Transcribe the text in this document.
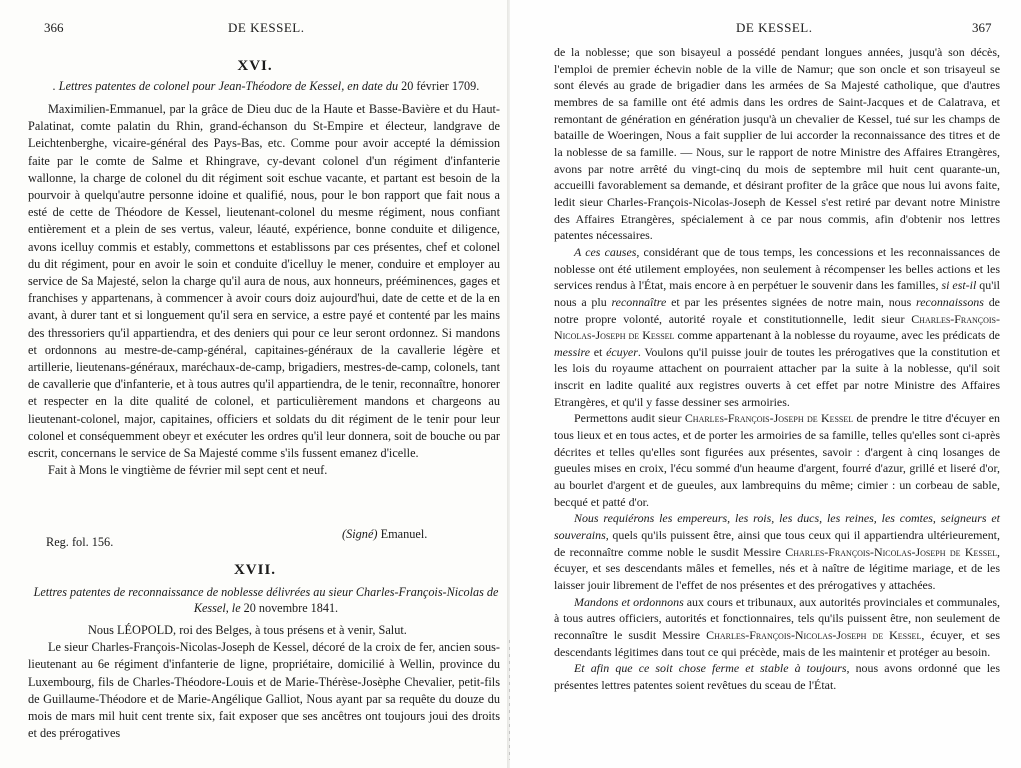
366	DE KESSEL.
XVI.
. Lettres patentes de colonel pour Jean-Théodore de Kessel, en date du 20 février 1709.

Maximilien-Emmanuel, par la grâce de Dieu duc de la Haute et Basse-Bavière et du Haut-Palatinat, comte palatin du Rhin, grand-échanson du St-Empire et électeur, landgrave de Leichtenberghe, vicaire-général des Pays-Bas, etc. Comme pour avoir accepté la démission faite par le comte de Salme et Rhingrave, cy-devant colonel d'un régiment d'infanterie wallonne, la charge de colonel du dit régiment soit eschue vacante, et partant est besoin de la pourvoir à quelqu'autre personne idoine et qualifié, nous, pour le bon rapport que fait nous a esté de cette de Théodore de Kessel, lieutenant-colonel du mesme régiment, nous confiant entièrement et a plein de ses vertus, valeur, léauté, expérience, bonne conduite et diligence, avons icelluy commis et estably, commettons et establissons par ces présentes, chef et colonel du dit régiment, pour en avoir le soin et conduite d'icelluy le mener, conduire et employer au service de Sa Majesté, selon la charge qu'il aura de nous, aux honneurs, prééminences, gages et franchises y appartenans, à commencer à avoir cours doiz aujourd'hui, date de cette et de la en avant, à durer tant et si longuement qu'il sera en service, a estre payé et contenté par les mains des thressoriers qu'il appartiendra, et des deniers qui pour ce leur seront ordonnez. Si mandons et ordonnons au mestre-de-camp-général, capitaines-généraux de la cavallerie légère et artillerie, lieutenans-généraux, maréchaux-de-camp, brigadiers, mestres-de-camp, colonels, tant de cavallerie que d'infanterie, et à tous autres qu'il appartiendra, de le tenir, reconnaître, honorer et respecter en la dite qualité de colonel, et particulièrement mandons et chargeons au lieutenant-colonel, major, capitaines, officiers et soldats du dit régiment de le tenir pour leur colonel et conséquemment obeyr et exécuter les ordres qu'il leur donnera, soit de bouche ou par escrit, concernans le service de Sa Majesté comme s'ils fussent emanez d'icelle.

Fait à Mons le vingtième de février mil sept cent et neuf.

(Signé) Emanuel.
Reg. fol. 156.
XVII.
Lettres patentes de reconnaissance de noblesse délivrées au sieur Charles-François-Nicolas de Kessel, le 20 novembre 1841.

Nous LÉOPOLD, roi des Belges, à tous présens et à venir, Salut.

Le sieur Charles-François-Nicolas-Joseph de Kessel, décoré de la croix de fer, ancien sous-lieutenant au 6e régiment d'infanterie de ligne, propriétaire, domicilié à Wellin, province du Luxembourg, fils de Charles-Théodore-Louis et de Marie-Thérèse-Josèphe Chevalier, petit-fils de Guillaume-Théodore et de Marie-Angélique Galliot, Nous ayant par sa requête du douze du mois de mars mil huit cent trente six, fait exposer que ses ancêtres ont toujours joui des droits et des prérogatives

DE KESSEL.	367

de la noblesse; que son bisayeul a possédé pendant longues années, jusqu'à son décès, l'emploi de premier échevin noble de la ville de Namur; que son oncle et son trisayeul se sont élevés au grade de brigadier dans les armées de Sa Majesté catholique, que d'autres membres de sa famille ont été admis dans les ordres de Saint-Jacques et de Calatrava, et remontant de génération en génération jusqu'à un chevalier de Kessel, tué sur les champs de bataille de Woeringen, Nous a fait supplier de lui accorder la reconnaissance des titres et de la noblesse de sa famille. — Nous, sur le rapport de notre Ministre des Affaires Etrangères, avons par notre arrêté du vingt-cinq du mois de septembre mil huit cent quarante-un, accueilli favorablement sa demande, et désirant profiter de la grâce que nous lui avons faite, ledit sieur Charles-François-Nicolas-Joseph de Kessel s'est retiré par devant notre Ministre des Affaires Etrangères, spécialement à ce par nous commis, afin d'obtenir nos lettres patentes nécessaires.

A ces causes, considérant que de tous temps, les concessions et les reconnaissances de noblesse ont été utilement employées, non seulement à récompenser les belles actions et les services rendus à l'État, mais encore à en perpétuer le souvenir dans les familles, si est-il qu'il nous a plu reconnaître et par les présentes signées de notre main, nous reconnaissons de notre propre volonté, autorité royale et constitutionnelle, ledit sieur Charles-François-Nicolas-Joseph de Kessel comme appartenant à la noblesse du royaume, avec les prédicats de messire et écuyer. Voulons qu'il puisse jouir de toutes les prérogatives que la constitution et les lois du royaume attachent on pourraient attacher par la suite à la noblesse, qu'il soit inscrit en ladite qualité aux registres ouverts à cet effet par notre Ministre des Affaires Etrangères, et qu'il y fasse dessiner ses armoiries.

Permettons audit sieur Charles-François-Joseph de Kessel de prendre le titre d'écuyer en tous lieux et en tous actes, et de porter les armoiries de sa famille, telles qu'elles sont ci-après décrites et telles qu'elles sont figurées aux présentes, savoir : d'argent à cinq losanges de gueules mises en croix, l'écu sommé d'un heaume d'argent, fourré d'azur, grillé et liseré d'or, au bourlet d'argent et de gueules, aux lambrequins du même; cimier : un corbeau de sable, becqué et patté d'or.

Nous requiérons les empereurs, les rois, les ducs, les reines, les comtes, seigneurs et souverains, quels qu'ils puissent être, ainsi que tous ceux qui il appartiendra ultérieurement, de reconnaître comme noble le susdit Messire Charles-François-Nicolas-Joseph de Kessel, écuyer, et ses descendants mâles et femelles, nés et à naître de légitime mariage, et de les laisser jouir librement de l'effet de nos présentes et des prérogatives y attachées.

Mandons et ordonnons aux cours et tribunaux, aux autorités provinciales et communales, à tous autres officiers, autorités et fonctionnaires, tels qu'ils puissent être, non seulement de reconnaître le susdit Messire Charles-François-Nicolas-Joseph de Kessel, écuyer, et ses descendants légitimes dans tout ce qui précède, mais de les maintenir et protéger au besoin.

Et afin que ce soit chose ferme et stable à toujours, nous avons ordonné que les présentes lettres patentes soient revêtues du sceau de l'État.
